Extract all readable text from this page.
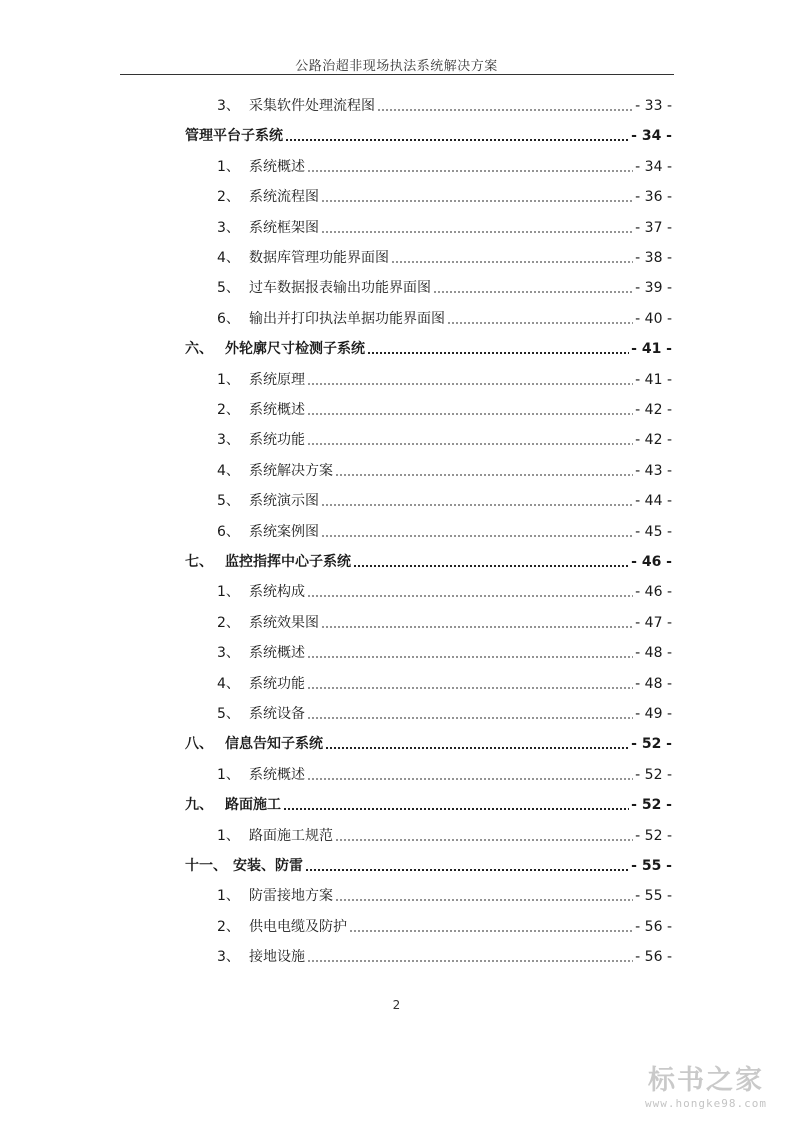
公路治超非现场执法系统解决方案
3、 采集软件处理流程图	- 33 -
管理平台子系统	- 34 -
1、 系统概述	- 34 -
2、 系统流程图	- 36 -
3、 系统框架图	- 37 -
4、 数据库管理功能界面图	- 38 -
5、 过车数据报表输出功能界面图	- 39 -
6、 输出并打印执法单据功能界面图	- 40 -
六、 外轮廓尺寸检测子系统	- 41 -
1、 系统原理	- 41 -
2、 系统概述	- 42 -
3、 系统功能	- 42 -
4、 系统解决方案	- 43 -
5、 系统演示图	- 44 -
6、 系统案例图	- 45 -
七、 监控指挥中心子系统	- 46 -
1、 系统构成	- 46 -
2、 系统效果图	- 47 -
3、 系统概述	- 48 -
4、 系统功能	- 48 -
5、 系统设备	- 49 -
八、 信息告知子系统	- 52 -
1、 系统概述	- 52 -
九、 路面施工	- 52 -
1、 路面施工规范	- 52 -
十一、 安装、防雷	- 55 -
1、 防雷接地方案	- 55 -
2、 供电电缆及防护	- 56 -
3、 接地设施	- 56 -
2
标书之家
www.hongke98.com
